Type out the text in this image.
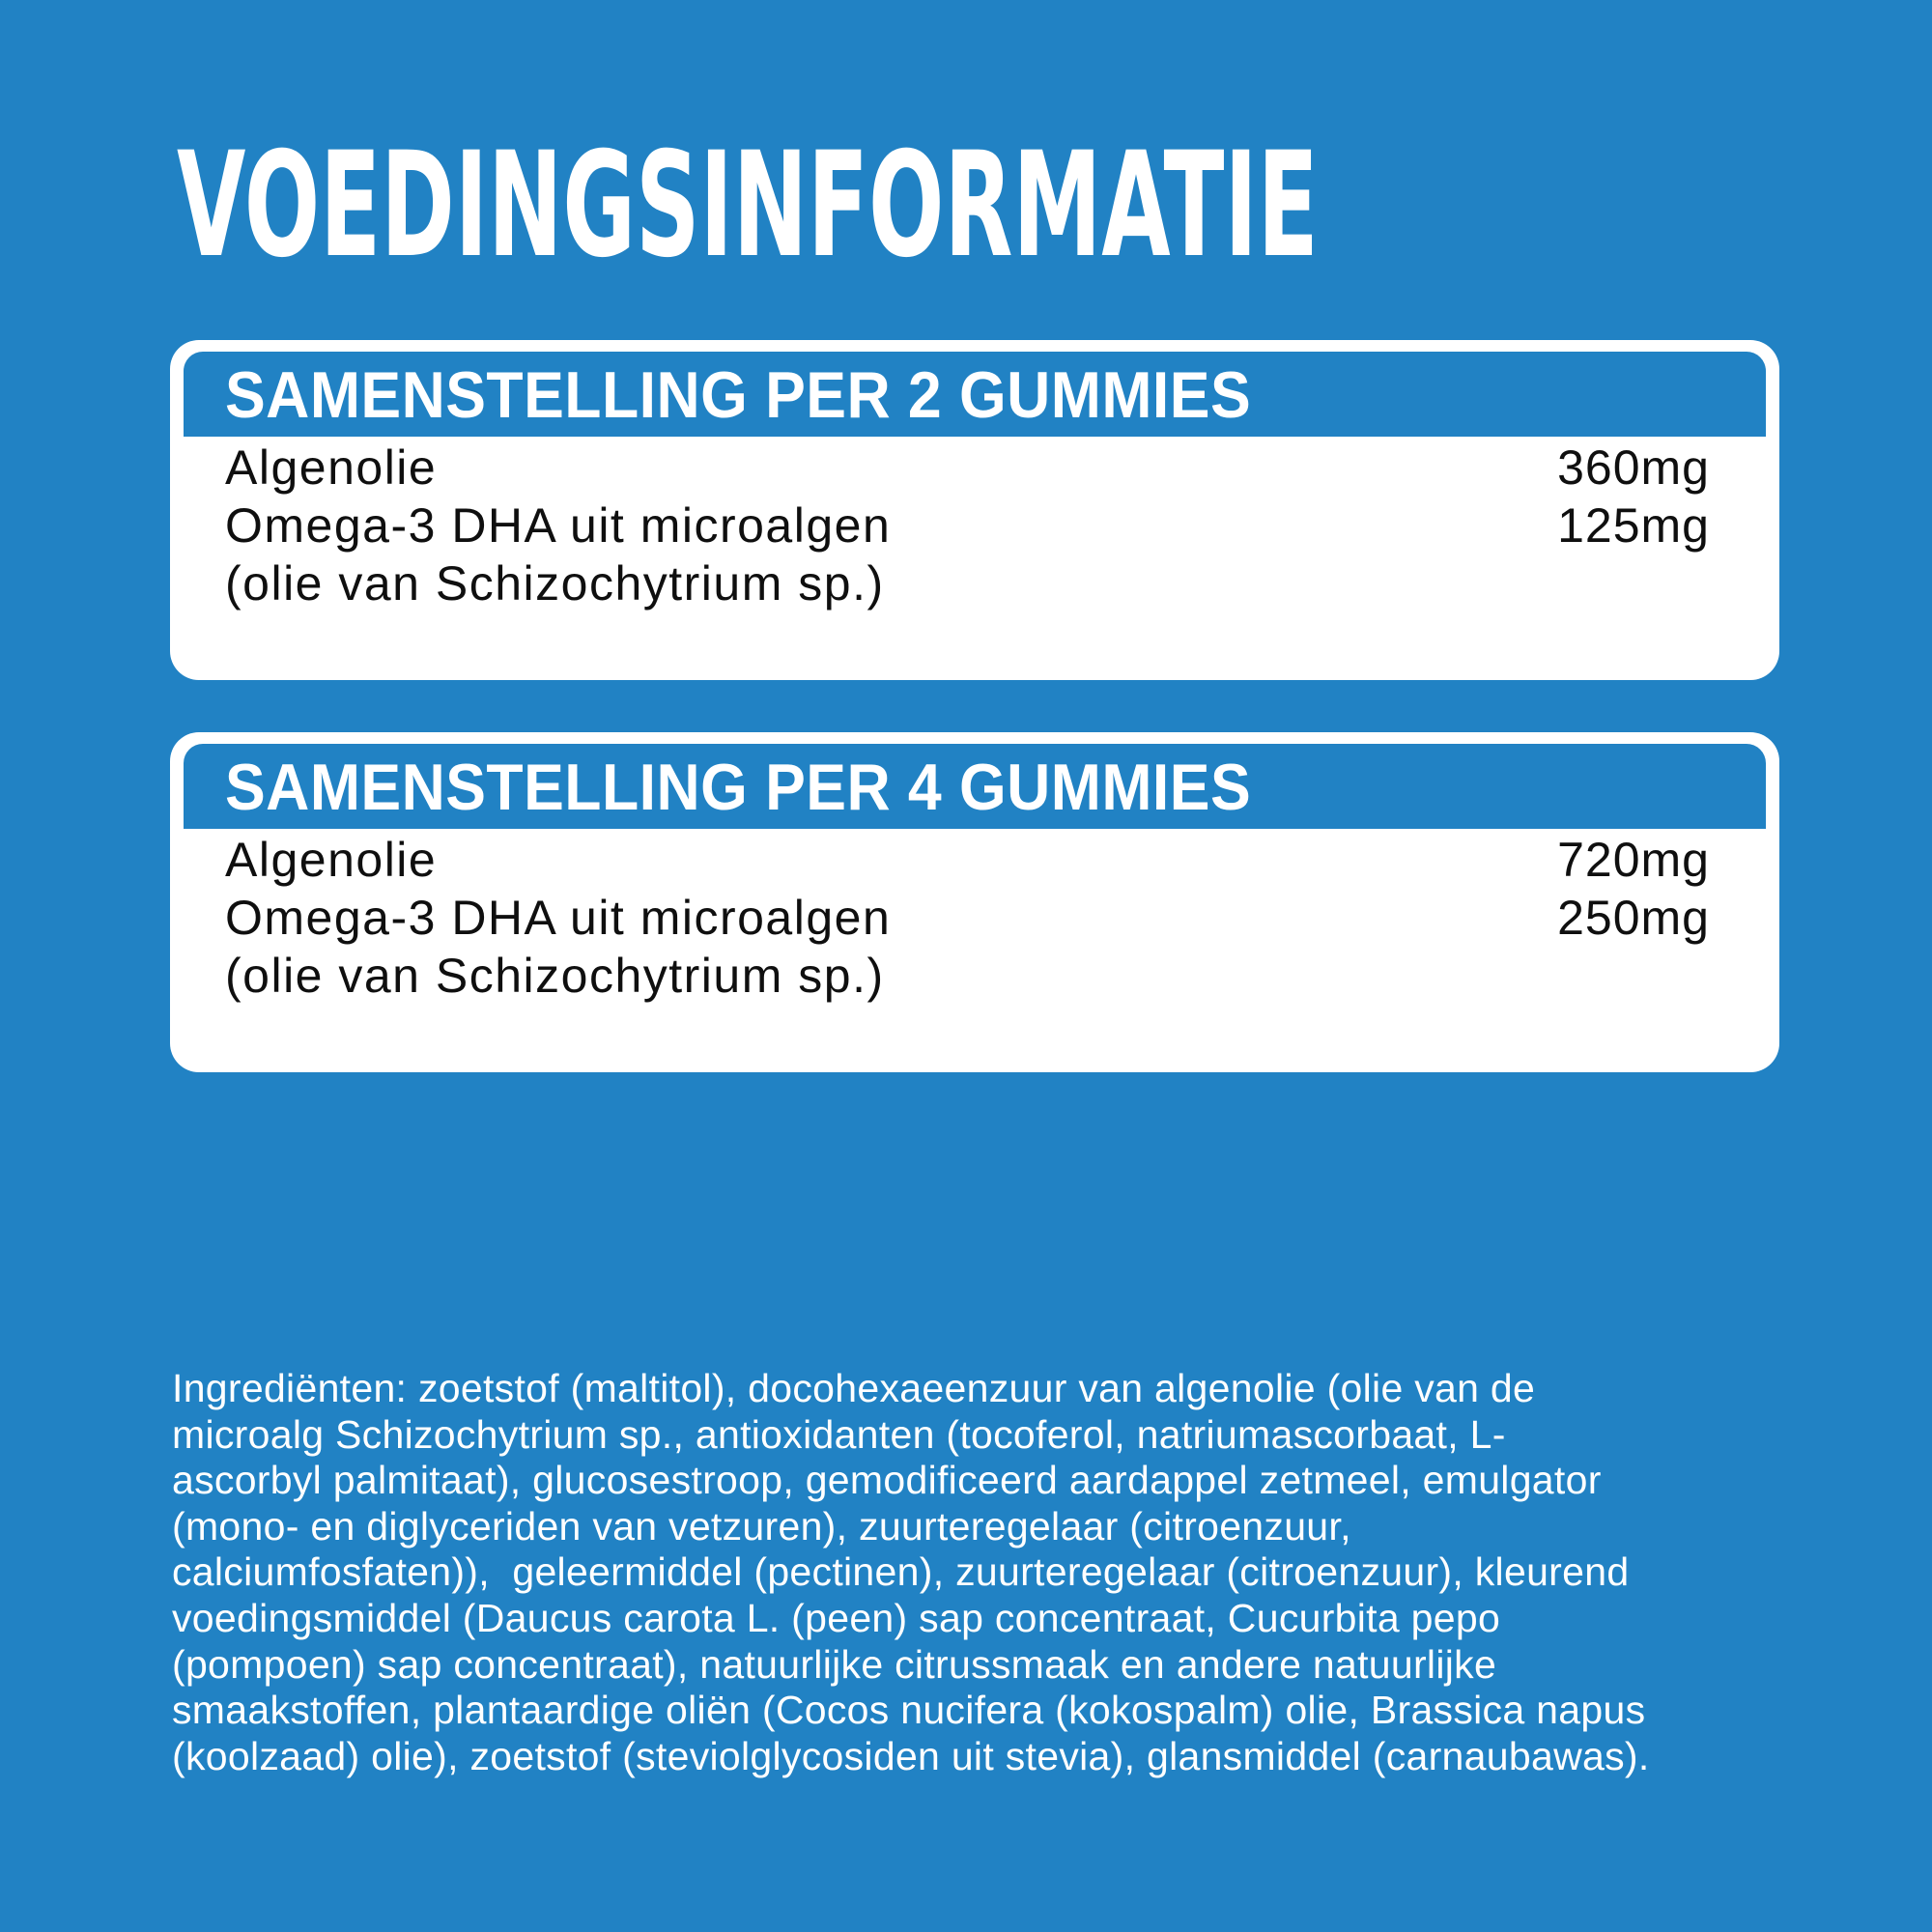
VOEDINGSINFORMATIE
SAMENSTELLING PER 2 GUMMIES
Algenolie	360mg
Omega-3 DHA uit microalgen	125mg
(olie van Schizochytrium sp.)
SAMENSTELLING PER 4 GUMMIES
Algenolie	720mg
Omega-3 DHA uit microalgen	250mg
(olie van Schizochytrium sp.)
Ingrediënten: zoetstof (maltitol), docohexaeenzuur van algenolie (olie van de
microalg Schizochytrium sp., antioxidanten (tocoferol, natriumascorbaat, L-
ascorbyl palmitaat), glucosestroop, gemodificeerd aardappel zetmeel, emulgator
(mono- en diglyceriden van vetzuren), zuurteregelaar (citroenzuur,
calciumfosfaten)),  geleermiddel (pectinen), zuurteregelaar (citroenzuur), kleurend
voedingsmiddel (Daucus carota L. (peen) sap concentraat, Cucurbita pepo
(pompoen) sap concentraat), natuurlijke citrussmaak en andere natuurlijke
smaakstoffen, plantaardige oliën (Cocos nucifera (kokospalm) olie, Brassica napus
(koolzaad) olie), zoetstof (steviolglycosiden uit stevia), glansmiddel (carnaubawas).
